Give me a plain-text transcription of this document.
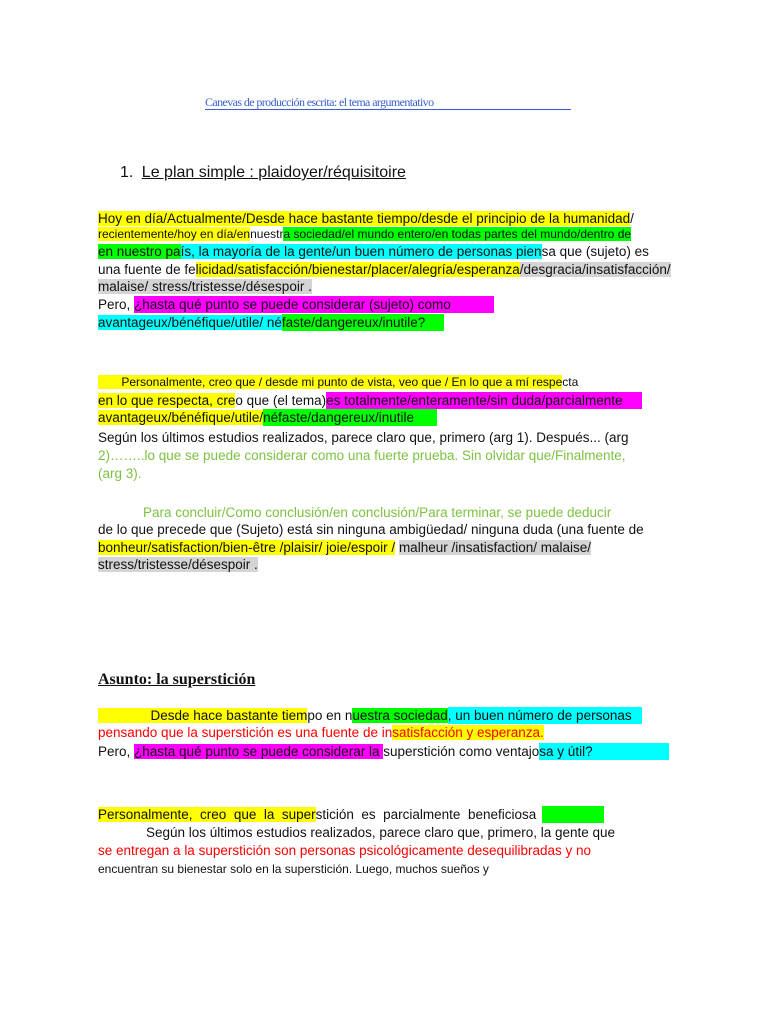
Canevas de producción escrita: el tema argumentativo
1. Le plan simple : plaidoyer/réquisitoire
Hoy en día/Actualmente/Desde hace bastante tiempo/desde el principio de la humanidad/
recientemente/hoy en día/ennuestra sociedad/el mundo entero/en todas partes del mundo/dentro de
en nuestro país, la mayoría de la gente/un buen número de personas piensa que (sujeto) es
una fuente de felicidad/satisfacción/bienestar/placer/alegría/esperanza/desgracia/insatisfacción/
malaise/ stress/tristesse/désespoir .
Pero, ¿hasta qué punto se puede considerar (sujeto) como
avantageux/bénéfique/utile/ néfaste/dangereux/inutile?
Personalmente, creo que / desde mi punto de vista, veo que / En lo que a mí respecta
en lo que respecta, creo que (el tema)es totalmente/enteramente/sin duda/parcialmente
avantageux/bénéfique/utile/néfaste/dangereux/inutile
Según los últimos estudios realizados, parece claro que, primero (arg 1). Después... (arg
2)……..lo que se puede considerar como una fuerte prueba. Sin olvidar que/Finalmente,
(arg 3).
Para concluir/Como conclusión/en conclusión/Para terminar, se puede deducir
de lo que precede que (Sujeto) está sin ninguna ambigüedad/ ninguna duda (una fuente de
bonheur/satisfaction/bien-être /plaisir/ joie/espoir / malheur /insatisfaction/ malaise/
stress/tristesse/désespoir .
Asunto: la superstición
Desde hace bastante tiempo en nuestra sociedad, un buen número de personas
pensando que la superstición es una fuente de insatisfacción y esperanza.
Pero, ¿hasta qué punto se puede considerar la superstición como ventajosa y útil?
Personalmente,  creo  que  la  superstición  es  parcialmente  beneficiosa
Según los últimos estudios realizados, parece claro que, primero, la gente que
se entregan a la superstición son personas psicológicamente desequilibradas y no
encuentran su bienestar solo en la superstición. Luego, muchos sueños y
